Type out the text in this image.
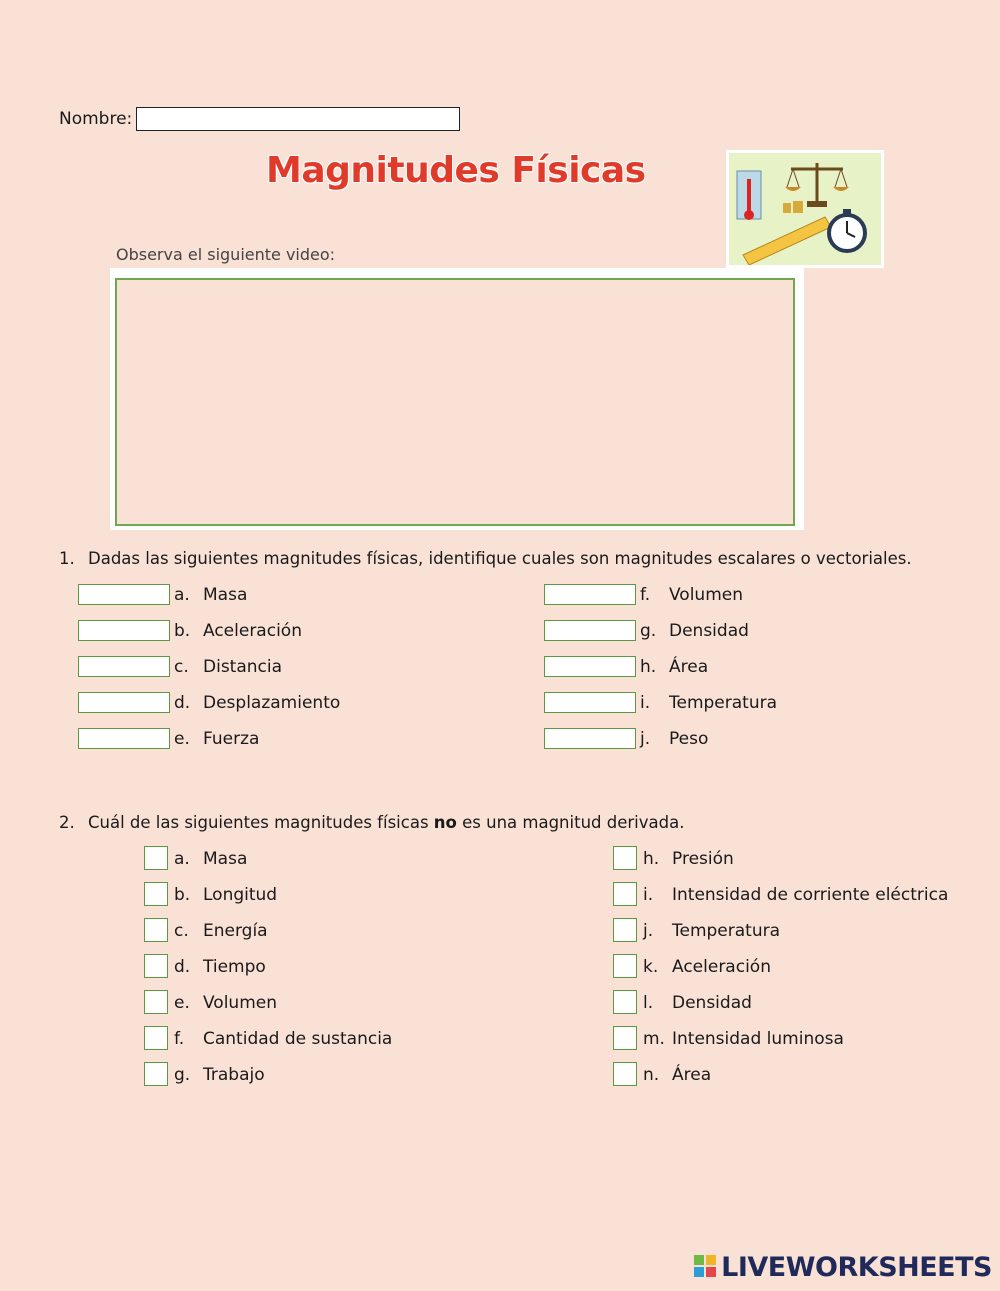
Nombre:
Magnitudes Físicas
Observa el siguiente video:
1. Dadas las siguientes magnitudes físicas, identifique cuales son magnitudes escalares o vectoriales.
a. Masa
b. Aceleración
c. Distancia
d. Desplazamiento
e. Fuerza
f. Volumen
g. Densidad
h. Área
i. Temperatura
j. Peso
2. Cuál de las siguientes magnitudes físicas no es una magnitud derivada.
a. Masa
b. Longitud
c. Energía
d. Tiempo
e. Volumen
f. Cantidad de sustancia
g. Trabajo
h. Presión
i. Intensidad de corriente eléctrica
j. Temperatura
k. Aceleración
l. Densidad
m. Intensidad luminosa
n. Área
LIVEWORKSHEETS
